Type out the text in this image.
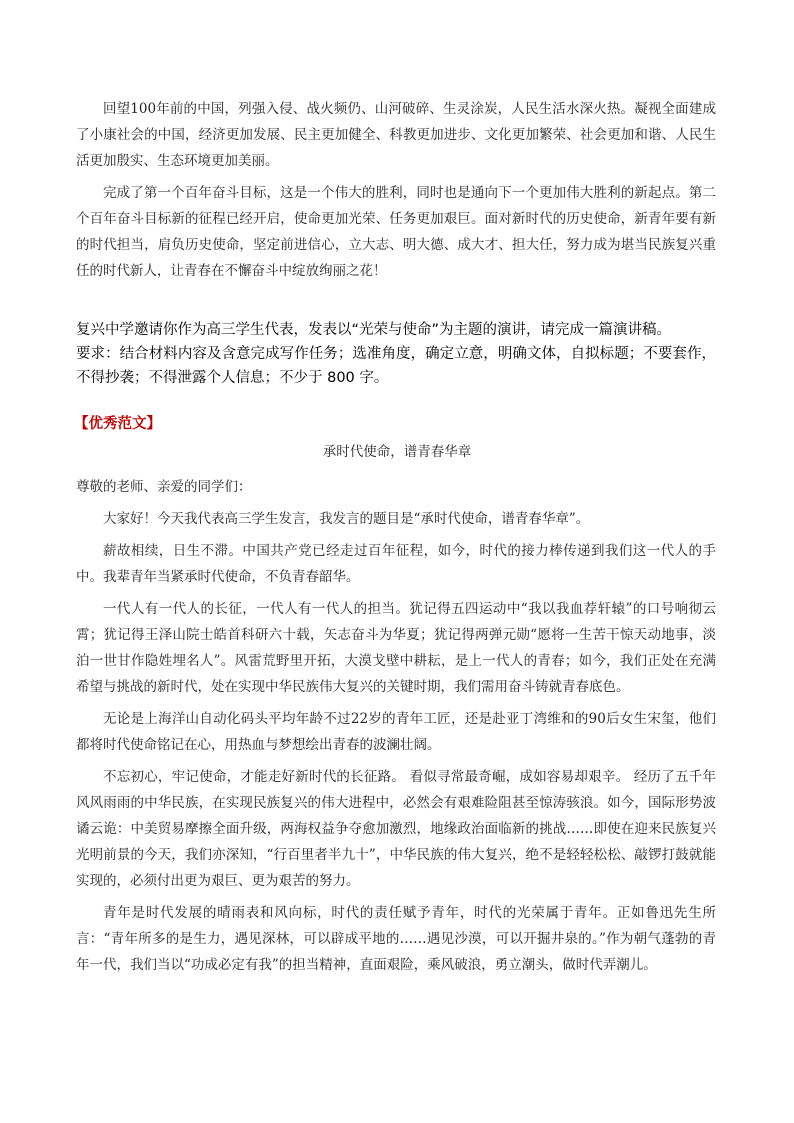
回望100年前的中国，列强入侵、战火频仍、山河破碎、生灵涂炭，人民生活水深火热。凝视全面建成了小康社会的中国，经济更加发展、民主更加健全、科教更加进步、文化更加繁荣、社会更加和谐、人民生活更加殷实、生态环境更加美丽。

完成了第一个百年奋斗目标，这是一个伟大的胜利，同时也是通向下一个更加伟大胜利的新起点。第二个百年奋斗目标新的征程已经开启，使命更加光荣、任务更加艰巨。面对新时代的历史使命，新青年要有新的时代担当，肩负历史使命，坚定前进信心，立大志、明大德、成大才、担大任，努力成为堪当民族复兴重任的时代新人，让青春在不懈奋斗中绽放绚丽之花！

复兴中学邀请你作为高三学生代表，发表以“光荣与使命”为主题的演讲，请完成一篇演讲稿。

要求：结合材料内容及含意完成写作任务；选准角度，确定立意，明确文体，自拟标题；不要套作，不得抄袭；不得泄露个人信息；不少于 800 字。

【优秀范文】
承时代使命，谱青春华章

尊敬的老师、亲爱的同学们：

大家好！今天我代表高三学生发言，我发言的题目是“承时代使命，谱青春华章”。

薪故相续，日生不滞。中国共产党已经走过百年征程，如今，时代的接力棒传递到我们这一代人的手中。我辈青年当紧承时代使命，不负青春韶华。

一代人有一代人的长征，一代人有一代人的担当。犹记得五四运动中“我以我血荐轩辕”的口号响彻云霄；犹记得王泽山院士皓首科研六十载，矢志奋斗为华夏；犹记得两弹元勋“愿将一生苦干惊天动地事，淡泊一世甘作隐姓埋名人”。风雷荒野里开拓，大漠戈壁中耕耘，是上一代人的青春；如今，我们正处在充满希望与挑战的新时代，处在实现中华民族伟大复兴的关键时期，我们需用奋斗铸就青春底色。

无论是上海洋山自动化码头平均年龄不过22岁的青年工匠，还是赴亚丁湾维和的90后女生宋玺，他们都将时代使命铭记在心，用热血与梦想绘出青春的波澜壮阔。

不忘初心，牢记使命，才能走好新时代的长征路。 看似寻常最奇崛，成如容易却艰辛。 经历了五千年风风雨雨的中华民族，在实现民族复兴的伟大进程中，必然会有艰难险阻甚至惊涛骇浪。如今，国际形势波谲云诡：中美贸易摩擦全面升级，两海权益争夺愈加激烈，地缘政治面临新的挑战……即使在迎来民族复兴光明前景的今天，我们亦深知，“行百里者半九十”，中华民族的伟大复兴，绝不是轻轻松松、敲锣打鼓就能实现的，必须付出更为艰巨、更为艰苦的努力。

青年是时代发展的晴雨表和风向标，时代的责任赋予青年，时代的光荣属于青年。正如鲁迅先生所言：“青年所多的是生力，遇见深林，可以辟成平地的……遇见沙漠，可以开掘井泉的。”作为朝气蓬勃的青年一代，我们当以“功成必定有我”的担当精神，直面艰险，乘风破浪，勇立潮头，做时代弄潮儿。
